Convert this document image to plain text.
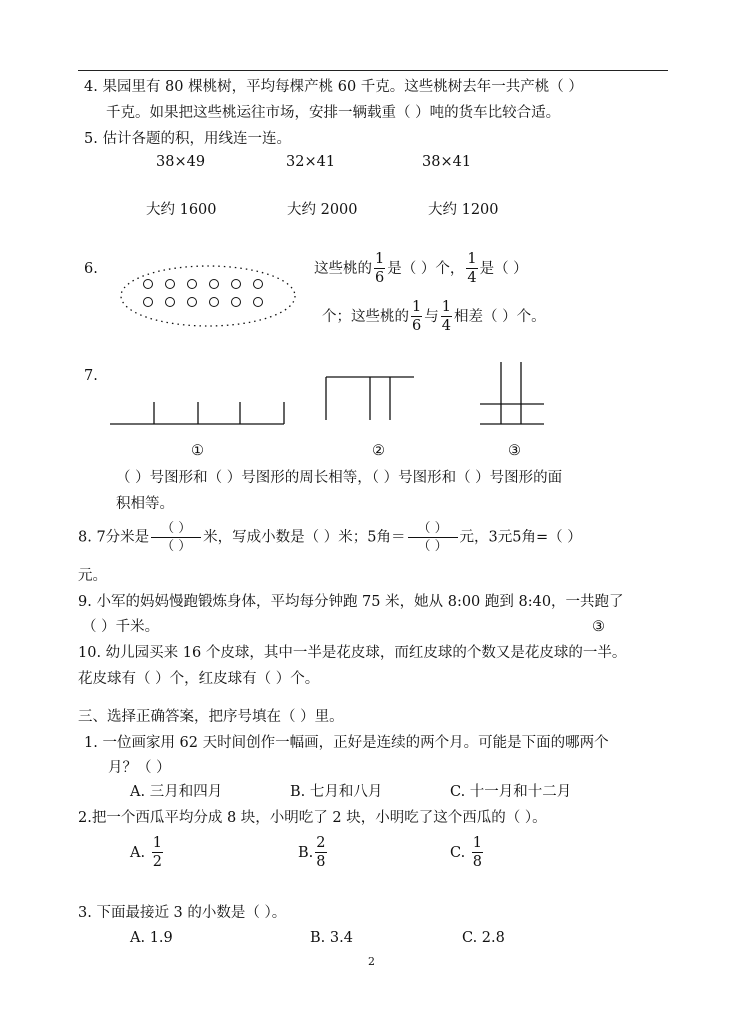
4. 果园里有 80 棵桃树，平均每棵产桃 60 千克。这些桃树去年一共产桃（ ）
千克。如果把这些桃运往市场，安排一辆载重（ ）吨的货车比较合适。
5. 估计各题的积，用线连一连。
38×49	32×41	38×41
大约 1600	大约 2000	大约 1200
6.	这些桃的 $\frac{1}{6}$ 是（ ）个， $\frac{1}{4}$ 是（ ）
个；这些桃的 $\frac{1}{6}$ 与 $\frac{1}{4}$ 相差（ ）个。
7.
①	②	③
（ ）号图形和（ ）号图形的周长相等，（ ）号图形和（ ）号图形的面
积相等。
8. 7分米是 $\frac{( )}{( )}$ 米，写成小数是（ ）米；5角＝ $\frac{( )}{( )}$ 元，3元5角=（ ）
元。
9. 小军的妈妈慢跑锻炼身体，平均每分钟跑 75 米，她从 8:00 跑到 8:40，一共跑了
（ ）千米。	③
10. 幼儿园买来 16 个皮球，其中一半是花皮球，而红皮球的个数又是花皮球的一半。
花皮球有（ ）个，红皮球有（ ）个。
三、选择正确答案，把序号填在（ ）里。
1. 一位画家用 62 天时间创作一幅画，正好是连续的两个月。可能是下面的哪两个
月？（ ）
A. 三月和四月	B. 七月和八月	C. 十一月和十二月
2.把一个西瓜平均分成 8 块，小明吃了 2 块，小明吃了这个西瓜的（ ）。
A. $\frac{1}{2}$	B. $\frac{2}{8}$	C. $\frac{1}{8}$
3. 下面最接近 3 的小数是（ ）。
A. 1.9	B. 3.4	C. 2.8
2
